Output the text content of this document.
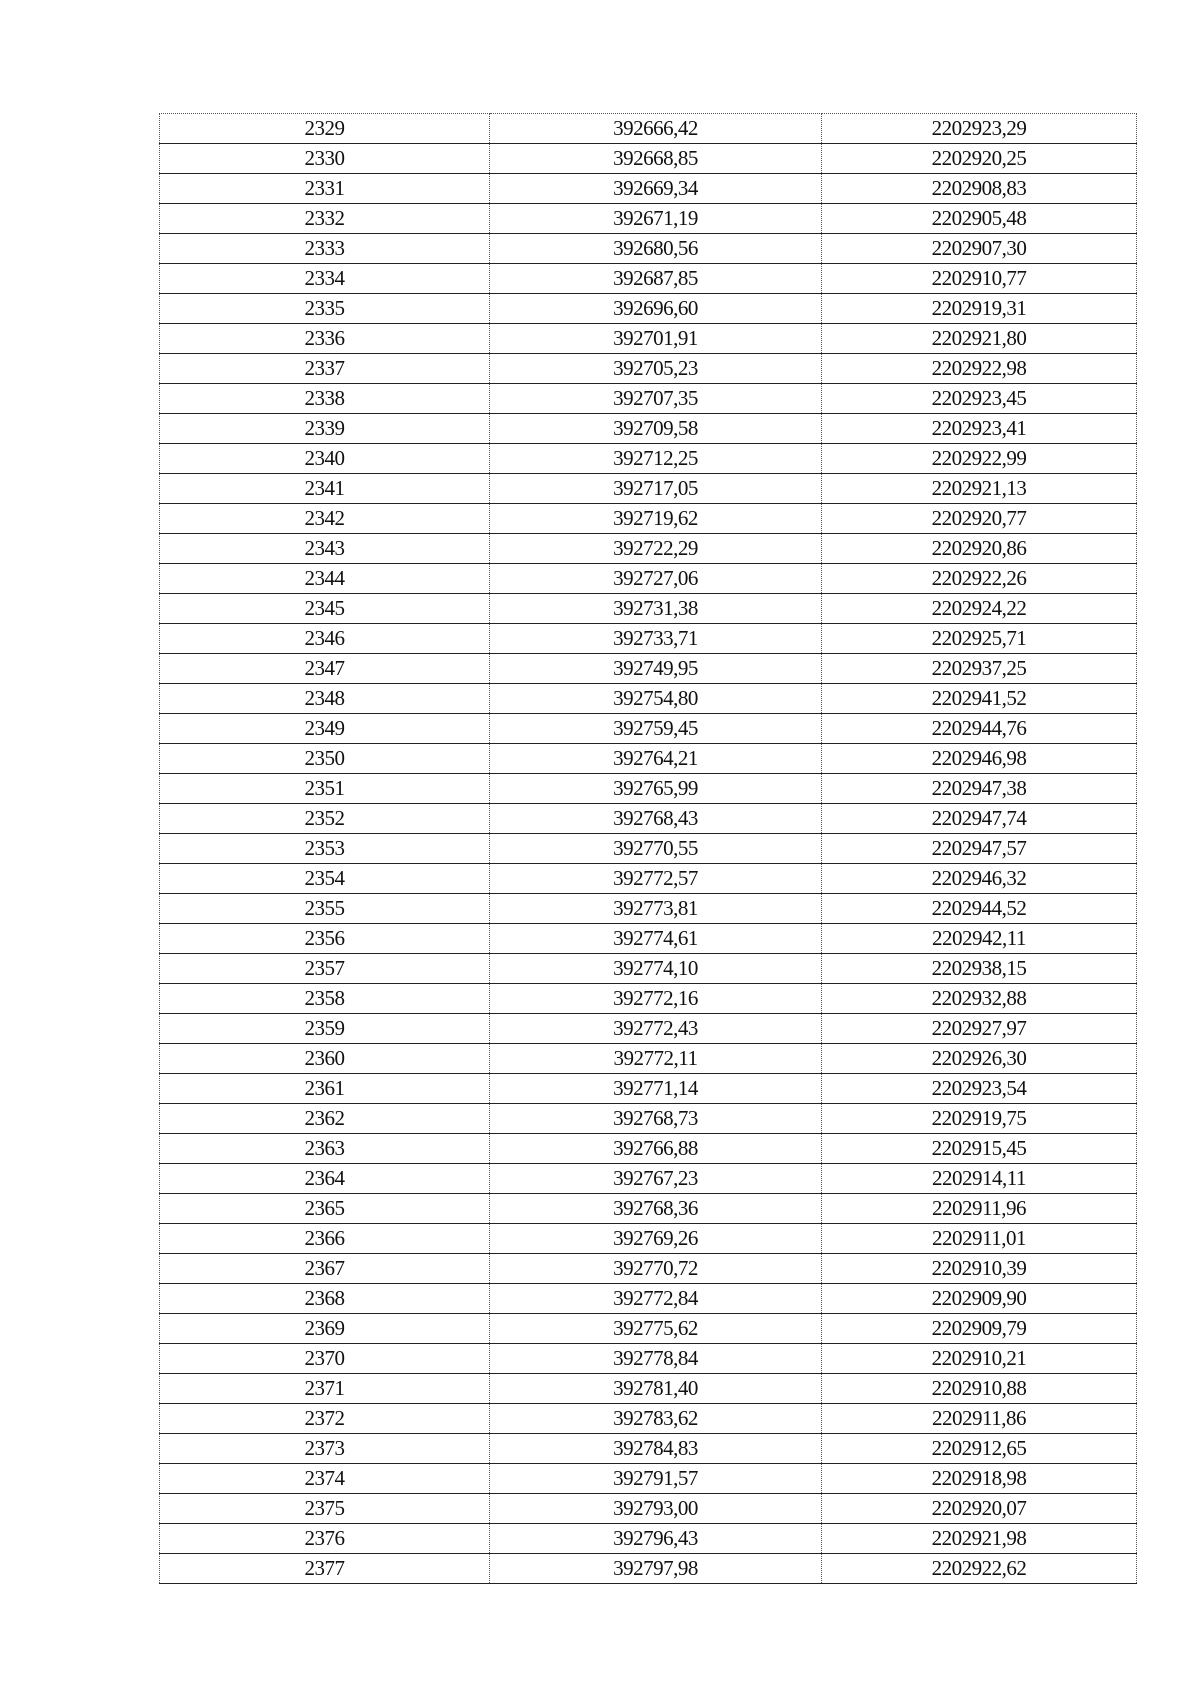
2329	392666,42	2202923,29
2330	392668,85	2202920,25
2331	392669,34	2202908,83
2332	392671,19	2202905,48
2333	392680,56	2202907,30
2334	392687,85	2202910,77
2335	392696,60	2202919,31
2336	392701,91	2202921,80
2337	392705,23	2202922,98
2338	392707,35	2202923,45
2339	392709,58	2202923,41
2340	392712,25	2202922,99
2341	392717,05	2202921,13
2342	392719,62	2202920,77
2343	392722,29	2202920,86
2344	392727,06	2202922,26
2345	392731,38	2202924,22
2346	392733,71	2202925,71
2347	392749,95	2202937,25
2348	392754,80	2202941,52
2349	392759,45	2202944,76
2350	392764,21	2202946,98
2351	392765,99	2202947,38
2352	392768,43	2202947,74
2353	392770,55	2202947,57
2354	392772,57	2202946,32
2355	392773,81	2202944,52
2356	392774,61	2202942,11
2357	392774,10	2202938,15
2358	392772,16	2202932,88
2359	392772,43	2202927,97
2360	392772,11	2202926,30
2361	392771,14	2202923,54
2362	392768,73	2202919,75
2363	392766,88	2202915,45
2364	392767,23	2202914,11
2365	392768,36	2202911,96
2366	392769,26	2202911,01
2367	392770,72	2202910,39
2368	392772,84	2202909,90
2369	392775,62	2202909,79
2370	392778,84	2202910,21
2371	392781,40	2202910,88
2372	392783,62	2202911,86
2373	392784,83	2202912,65
2374	392791,57	2202918,98
2375	392793,00	2202920,07
2376	392796,43	2202921,98
2377	392797,98	2202922,62
